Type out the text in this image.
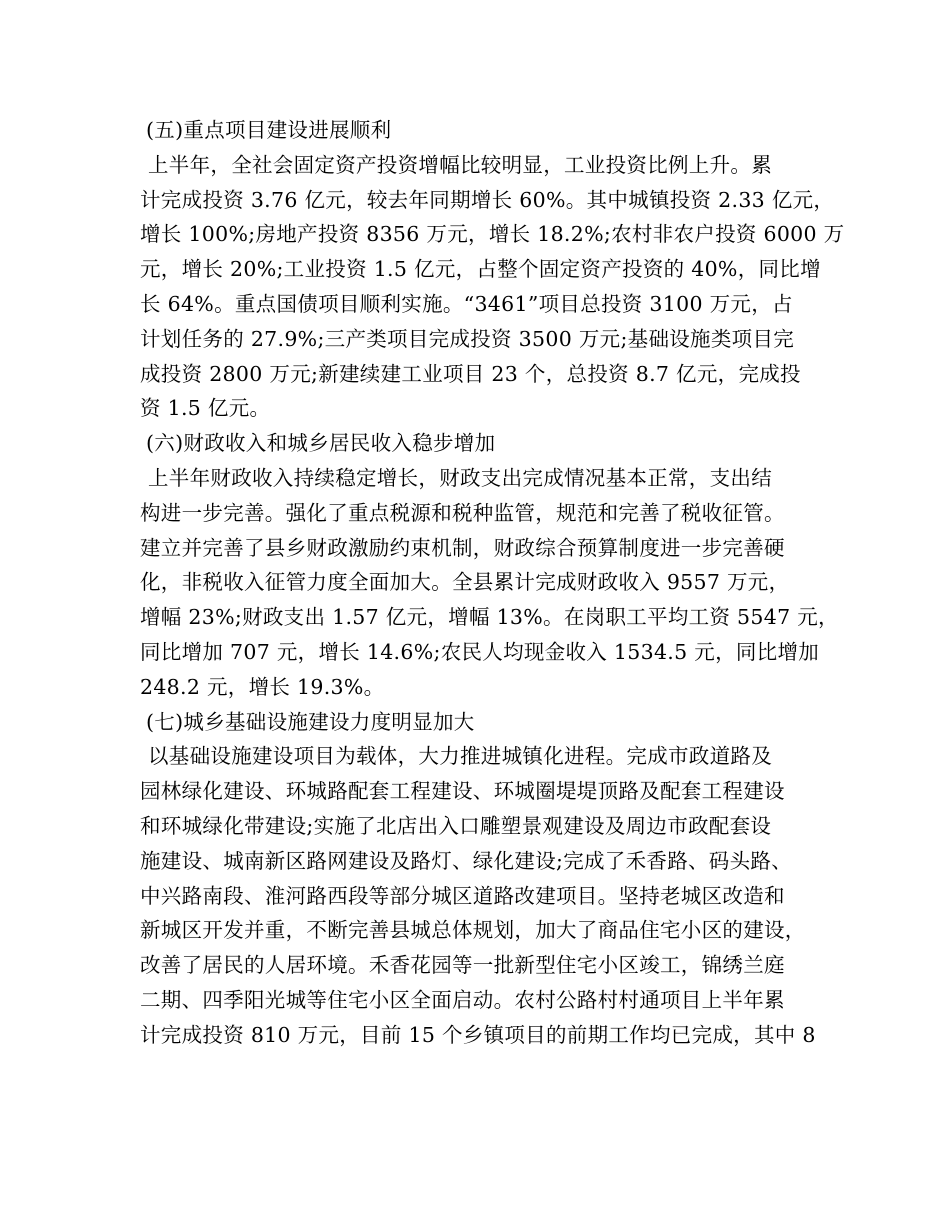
(五)重点项目建设进展顺利
上半年，全社会固定资产投资增幅比较明显，工业投资比例上升。累
计完成投资 3.76 亿元，较去年同期增长 60%。其中城镇投资 2.33 亿元，
增长 100%;房地产投资 8356 万元，增长 18.2%;农村非农户投资 6000 万
元，增长 20%;工业投资 1.5 亿元，占整个固定资产投资的 40%，同比增
长 64%。重点国债项目顺利实施。“3461”项目总投资 3100 万元，占
计划任务的 27.9%;三产类项目完成投资 3500 万元;基础设施类项目完
成投资 2800 万元;新建续建工业项目 23 个，总投资 8.7 亿元，完成投
资 1.5 亿元。
(六)财政收入和城乡居民收入稳步增加
上半年财政收入持续稳定增长，财政支出完成情况基本正常，支出结
构进一步完善。强化了重点税源和税种监管，规范和完善了税收征管。
建立并完善了县乡财政激励约束机制，财政综合预算制度进一步完善硬
化，非税收入征管力度全面加大。全县累计完成财政收入 9557 万元，
增幅 23%;财政支出 1.57 亿元，增幅 13%。在岗职工平均工资 5547 元，
同比增加 707 元，增长 14.6%;农民人均现金收入 1534.5 元，同比增加
248.2 元，增长 19.3%。
(七)城乡基础设施建设力度明显加大
以基础设施建设项目为载体，大力推进城镇化进程。完成市政道路及
园林绿化建设、环城路配套工程建设、环城圈堤堤顶路及配套工程建设
和环城绿化带建设;实施了北店出入口雕塑景观建设及周边市政配套设
施建设、城南新区路网建设及路灯、绿化建设;完成了禾香路、码头路、
中兴路南段、淮河路西段等部分城区道路改建项目。坚持老城区改造和
新城区开发并重，不断完善县城总体规划，加大了商品住宅小区的建设，
改善了居民的人居环境。禾香花园等一批新型住宅小区竣工，锦绣兰庭
二期、四季阳光城等住宅小区全面启动。农村公路村村通项目上半年累
计完成投资 810 万元，目前 15 个乡镇项目的前期工作均已完成，其中 8
